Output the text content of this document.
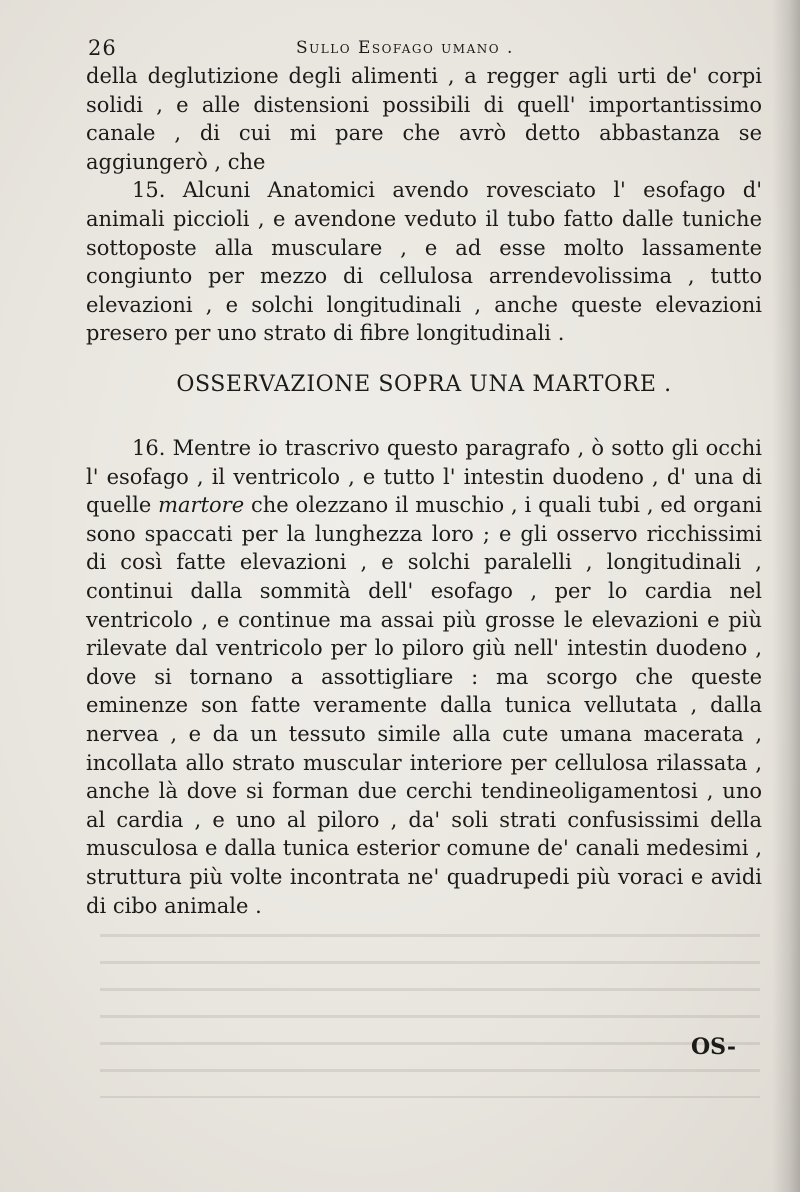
26	Sullo Esofago umano .

della deglutizione degli alimenti , a regger agli urti de' corpi solidi , e alle distensioni possibili di quell' importantissimo canale , di cui mi pare che avrò detto abbastanza se aggiungerò , che

15. Alcuni Anatomici avendo rovesciato l' esofago d' animali piccioli , e avendone veduto il tubo fatto dalle tuniche sottoposte alla musculare , e ad esse molto lassamente congiunto per mezzo di cellulosa arrendevolissima , tutto elevazioni , e solchi longitudinali , anche queste elevazioni presero per uno strato di fibre longitudinali .

OSSERVAZIONE SOPRA UNA MARTORE .

16. Mentre io trascrivo questo paragrafo , ò sotto gli occhi l' esofago , il ventricolo , e tutto l' intestin duodeno , d' una di quelle martore che olezzano il muschio , i quali tubi , ed organi sono spaccati per la lunghezza loro ; e gli osservo ricchissimi di così fatte elevazioni , e solchi paralelli , longitudinali , continui dalla sommità dell' esofago , per lo cardia nel ventricolo , e continue ma assai più grosse le elevazioni e più rilevate dal ventricolo per lo piloro giù nell' intestin duodeno , dove si tornano a assottigliare : ma scorgo che queste eminenze son fatte veramente dalla tunica vellutata , dalla nervea , e da un tessuto simile alla cute umana macerata , incollata allo strato muscular interiore per cellulosa rilassata , anche là dove si forman due cerchi tendineoligamentosi , uno al cardia , e uno al piloro , da' soli strati confusissimi della musculosa e dalla tunica esterior comune de' canali medesimi , struttura più volte incontrata ne' quadrupedi più voraci e avidi di cibo animale .

OS-
